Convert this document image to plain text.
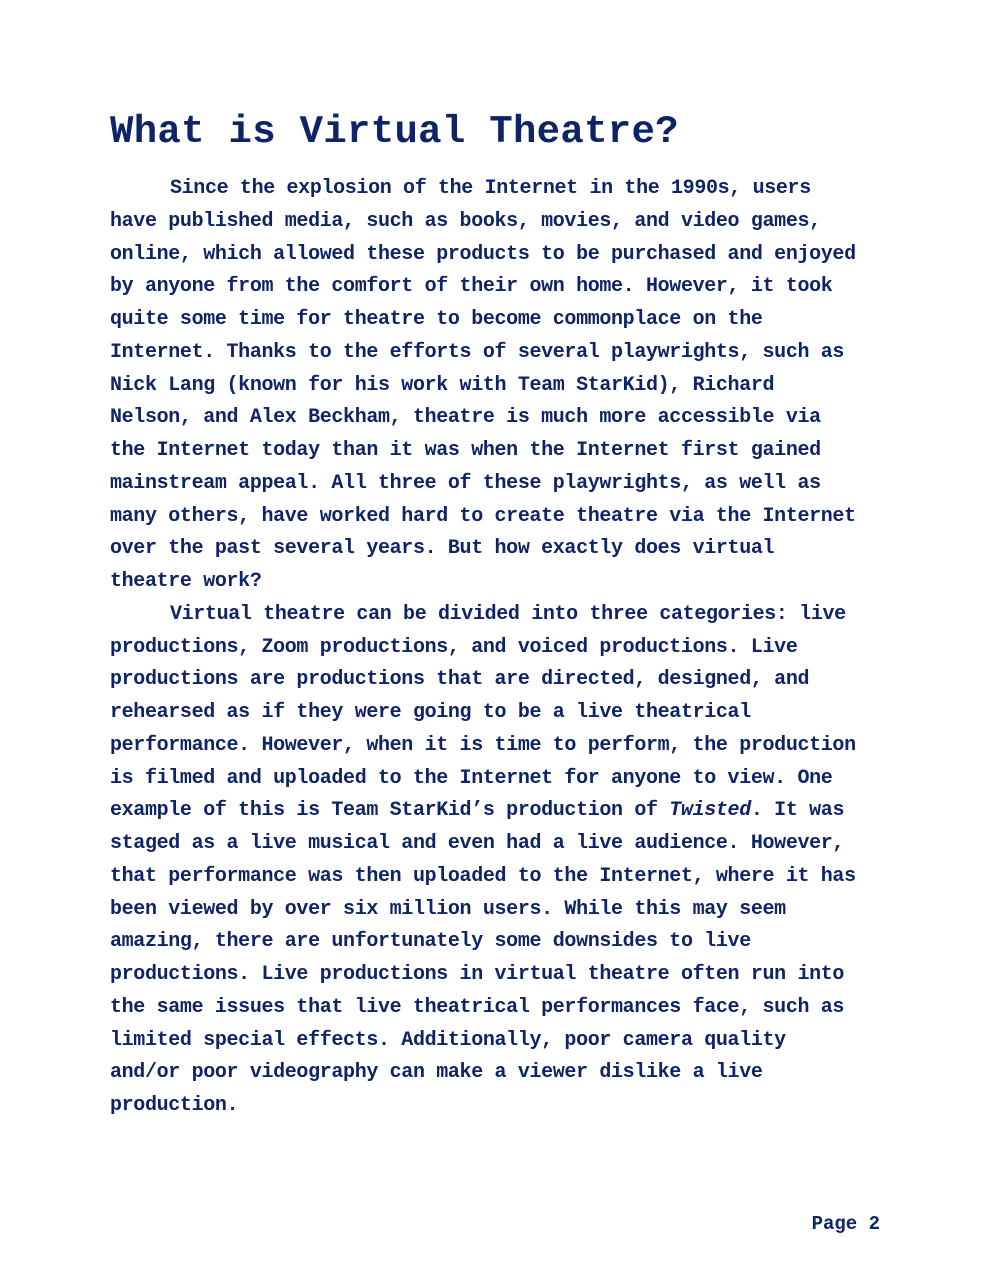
What is Virtual Theatre?
Since the explosion of the Internet in the 1990s, users
have published media, such as books, movies, and video games,
online, which allowed these products to be purchased and enjoyed
by anyone from the comfort of their own home. However, it took
quite some time for theatre to become commonplace on the
Internet. Thanks to the efforts of several playwrights, such as
Nick Lang (known for his work with Team StarKid), Richard
Nelson, and Alex Beckham, theatre is much more accessible via
the Internet today than it was when the Internet first gained
mainstream appeal. All three of these playwrights, as well as
many others, have worked hard to create theatre via the Internet
over the past several years. But how exactly does virtual
theatre work?
Virtual theatre can be divided into three categories: live
productions, Zoom productions, and voiced productions. Live
productions are productions that are directed, designed, and
rehearsed as if they were going to be a live theatrical
performance. However, when it is time to perform, the production
is filmed and uploaded to the Internet for anyone to view. One
example of this is Team StarKid’s production of Twisted. It was
staged as a live musical and even had a live audience. However,
that performance was then uploaded to the Internet, where it has
been viewed by over six million users. While this may seem
amazing, there are unfortunately some downsides to live
productions. Live productions in virtual theatre often run into
the same issues that live theatrical performances face, such as
limited special effects. Additionally, poor camera quality
and/or poor videography can make a viewer dislike a live
production.
Page 2
